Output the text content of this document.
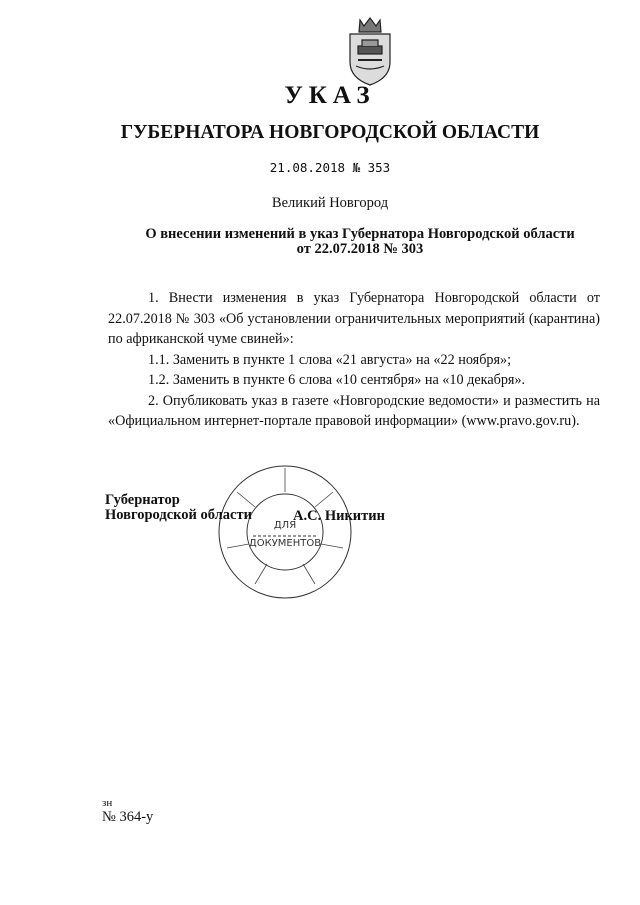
УКАЗ
ГУБЕРНАТОРА НОВГОРОДСКОЙ ОБЛАСТИ
21.08.2018 № 353
Великий Новгород
О внесении изменений в указ Губернатора Новгородской области
от 22.07.2018 № 303

1. Внести изменения в указ Губернатора Новгородской области от 22.07.2018 № 303 «Об установлении ограничительных мероприятий (карантина) по африканской чуме свиней»:

1.1. Заменить в пункте 1 слова «21 августа» на «22 ноября»;

1.2. Заменить в пункте 6 слова «10 сентября» на «10 декабря».

2. Опубликовать указ в газете «Новгородские ведомости» и разместить на «Официальном интернет-портале правовой информации» (www.pravo.gov.ru).

ДЛЯ
ДОКУМЕНТОВ
Губернатор
Новгородской области	А.С. Никитин
зн
№ 364-у
